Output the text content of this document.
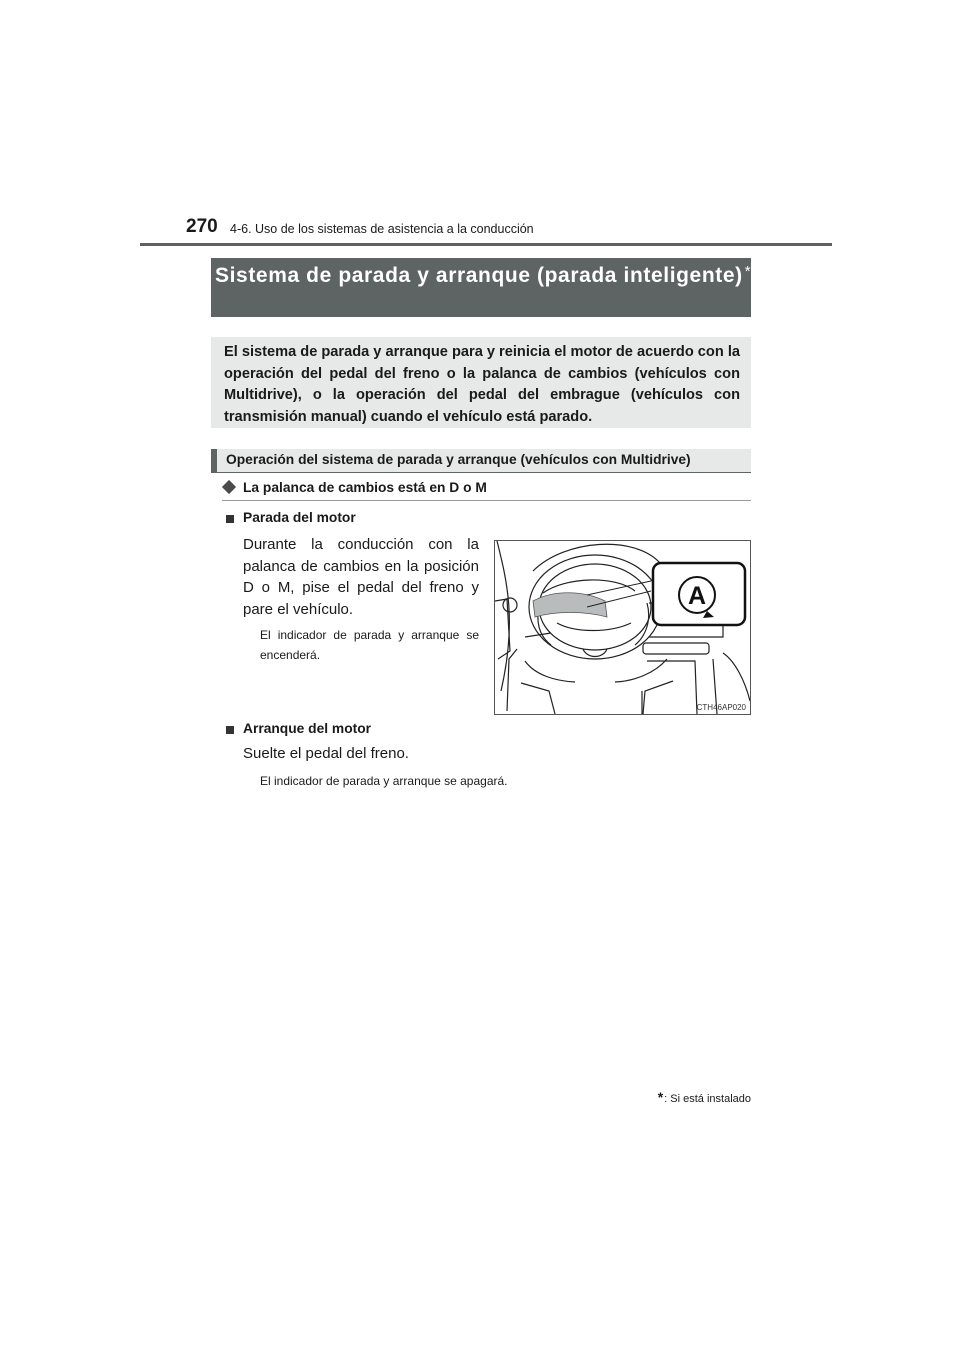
270 4-6. Uso de los sistemas de asistencia a la conducción
Sistema de parada y arranque (parada inteligente) *

El sistema de parada y arranque para y reinicia el motor de acuerdo con la operación del pedal del freno o la palanca de cambios (vehículos con Multidrive), o la operación del pedal del embrague (vehículos con transmisión manual) cuando el vehículo está parado.

Operación del sistema de parada y arranque (vehículos con Multidrive)
La palanca de cambios está en D o M
Parada del motor

Durante la conducción con la palanca de cambios en la posición D o M, pise el pedal del freno y pare el vehículo.

El indicador de parada y arranque se encenderá.

A
CTH46AP020
Arranque del motor
Suelte el pedal del freno.
El indicador de parada y arranque se apagará.
*: Si está instalado
